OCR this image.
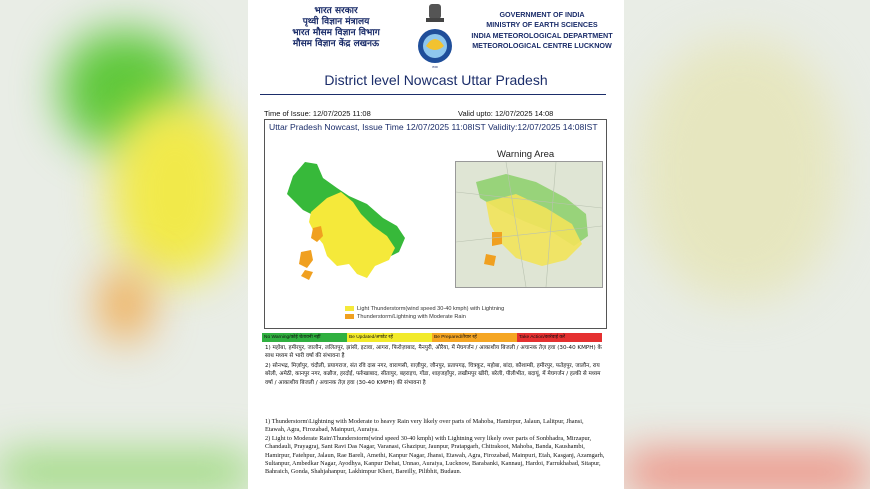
भारत सरकार
पृथ्वी विज्ञान मंत्रालय
भारत मौसम विज्ञान विभाग
मौसम विज्ञान केंद्र लखनऊ
IMD
GOVERNMENT OF INDIA
MINISTRY OF EARTH SCIENCES
INDIA METEOROLOGICAL DEPARTMENT
METEOROLOGICAL CENTRE LUCKNOW
District level Nowcast Uttar Pradesh
Time of Issue: 12/07/2025 11:08	Valid upto: 12/07/2025 14:08
Uttar Pradesh Nowcast, Issue Time 12/07/2025 11:08IST Validity:12/07/2025 14:08IST
Warning Area
Light Thunderstorm(wind speed 30-40 kmph) with Lightning
Thunderstorm/Lightning with Moderate Rain
No Warning/कोई चेतावनी नहीं	Be Updated/अपडेट रहें	Be Prepared/तैयार रहें	Take Action/कार्रवाई करें
1) महोबा, हमीरपुर, जालौन, ललितपुर, झांसी, इटावा, आगरा, फिरोज़ाबाद, मैनपुरी, औरैया, में मेघगर्जन / आकाशीय बिजली / अचानक तेज़ हवा (30-40 KMPH) के साथ मध्यम से भारी वर्षा की संभावना है
2) सोनभद्र, मिर्ज़ापुर, चंदौली, प्रयागराज, संत रवि दास नगर, वाराणसी, ग़ाज़ीपुर, जौनपुर, प्रतापगढ़, चित्रकूट, महोबा, बांदा, कौशाम्बी, हमीरपुर, फतेहपुर, जालौन, राय बरेली, अमेठी, कानपुर नगर, कन्नौज, हरदोई, फर्रुखाबाद, सीतापुर, बहराइच, गोंडा, शाहजहाँपुर, लखीमपुर खीरी, बरेली, पीलीभीत, बदायूं, में मेघगर्जन / हल्की से मध्यम वर्षा / आकाशीय बिजली / अचानक तेज़ हवा (30-40 KMPH) की संभावना है
1) Thunderstorm\Lightning with Moderate to heavy Rain very likely over parts of Mahoba, Hamirpur, Jalaun, Lalitpur, Jhansi, Etawah, Agra, Firozabad, Mainpuri, Auraiya.
2) Light to Moderate Rain\Thunderstorm(wind speed 30-40 kmph) with Lightning very likely over parts of Sonbhadra, Mirzapur, Chandauli, Prayagraj, Sant Ravi Das Nagar, Varanasi, Ghazipur, Jaunpur, Pratapgarh, Chitrakoot, Mahoba, Banda, Kaushambi, Hamirpur, Fatehpur, Jalaun, Rae Bareli, Amethi, Kanpur Nagar, Jhansi, Etawah, Agra, Firozabad, Mainpuri, Etah, Kasganj, Azamgarh, Sultanpur, Ambedkar Nagar, Ayodhya, Kanpur Dehat, Unnao, Auraiya, Lucknow, Barabanki, Kannauj, Hardoi, Farrukhabad, Sitapur, Bahraich, Gonda, Shahjahanpur, Lakhimpur Kheri, Bareilly, Pilibhit, Budaun.
